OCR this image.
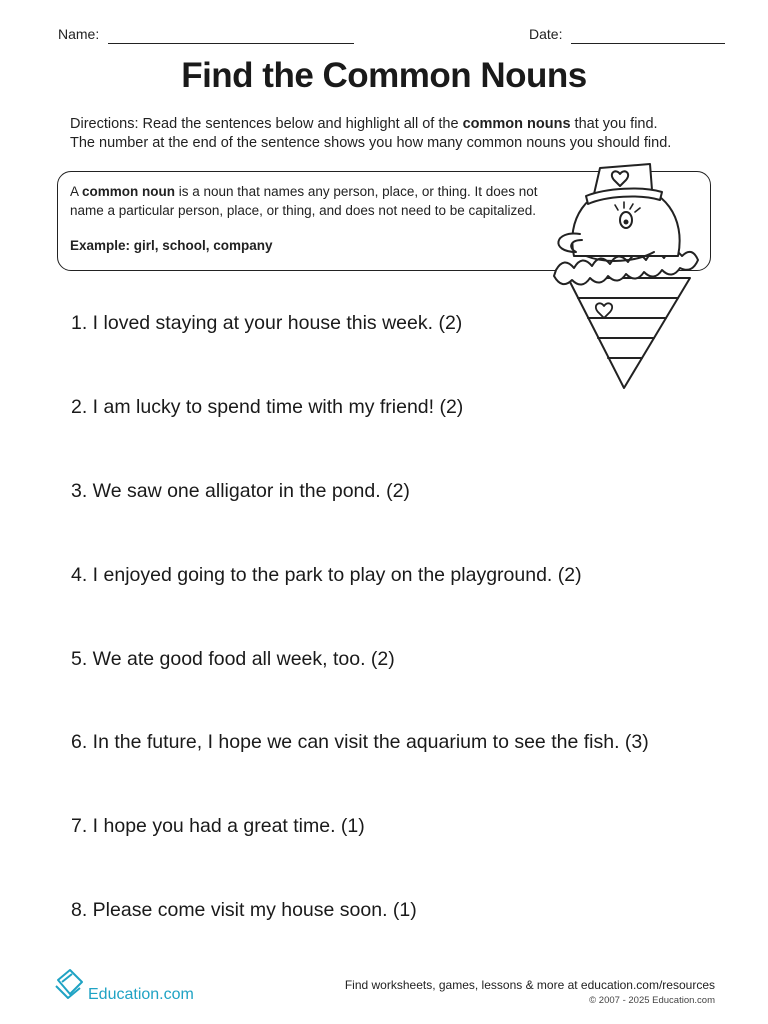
Name:	Date:
Find the Common Nouns
Directions: Read the sentences below and highlight all of the common nouns that you find.
The number at the end of the sentence shows you how many common nouns you should find.
A common noun is a noun that names any person, place, or thing. It does not name a particular person, place, or thing, and does not need to be capitalized.
Example: girl, school, company
1. I loved staying at your house this week. (2)
2. I am lucky to spend time with my friend! (2)
3. We saw one alligator in the pond. (2)
4. I enjoyed going to the park to play on the playground. (2)
5. We ate good food all week, too. (2)
6. In the future, I hope we can visit the aquarium to see the fish. (3)
7. I hope you had a great time. (1)
8. Please come visit my house soon. (1)
Education.com
Find worksheets, games, lessons & more at education.com/resources
© 2007 - 2025 Education.com
